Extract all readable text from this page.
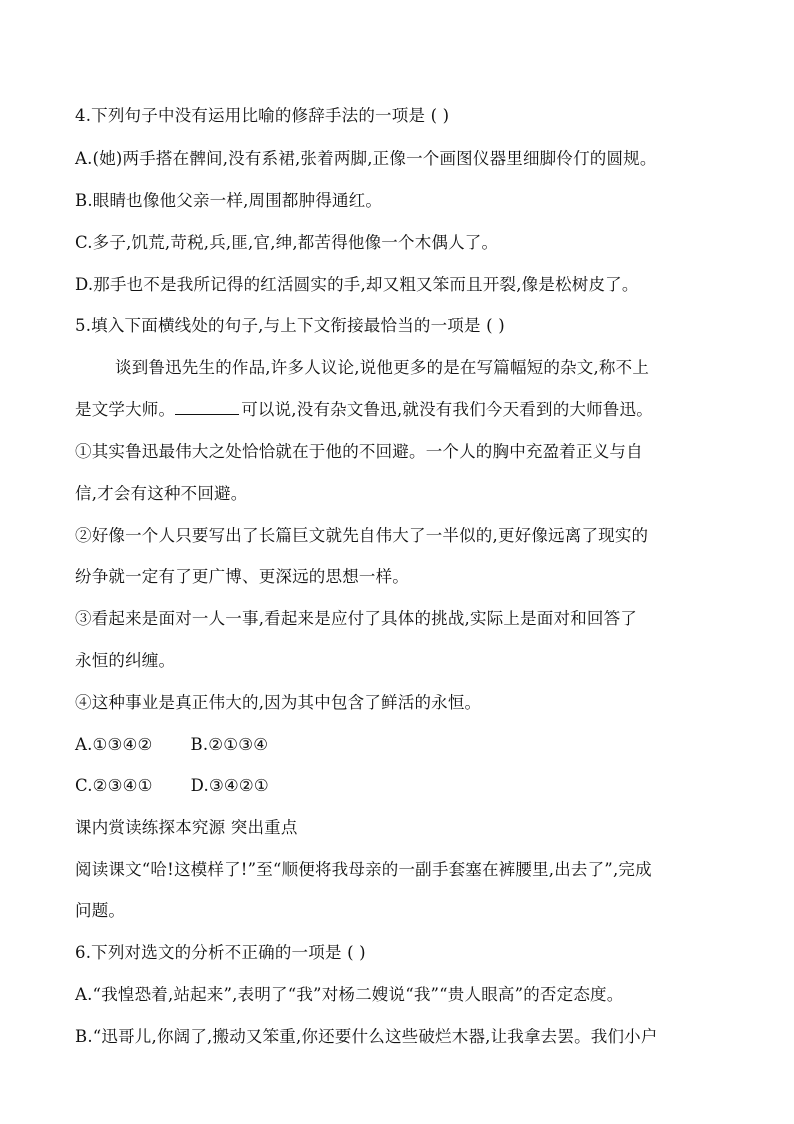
4.下列句子中没有运用比喻的修辞手法的一项是 ( )
A.(她)两手搭在髀间,没有系裙,张着两脚,正像一个画图仪器里细脚伶仃的圆规。
B.眼睛也像他父亲一样,周围都肿得通红。
C.多子,饥荒,苛税,兵,匪,官,绅,都苦得他像一个木偶人了。
D.那手也不是我所记得的红活圆实的手,却又粗又笨而且开裂,像是松树皮了。
5.填入下面横线处的句子,与上下文衔接最恰当的一项是 ( )
谈到鲁迅先生的作品,许多人议论,说他更多的是在写篇幅短的杂文,称不上
是文学大师。	可以说,没有杂文鲁迅,就没有我们今天看到的大师鲁迅。
①其实鲁迅最伟大之处恰恰就在于他的不回避。一个人的胸中充盈着正义与自
信,才会有这种不回避。
②好像一个人只要写出了长篇巨文就先自伟大了一半似的,更好像远离了现实的
纷争就一定有了更广博、更深远的思想一样。
③看起来是面对一人一事,看起来是应付了具体的挑战,实际上是面对和回答了
永恒的纠缠。
④这种事业是真正伟大的,因为其中包含了鲜活的永恒。
A.①③④② B.②①③④
C.②③④① D.③④②①
课内赏读练探本究源 突出重点
阅读课文“哈!这模样了!”至“顺便将我母亲的一副手套塞在裤腰里,出去了”,完成
问题。
6.下列对选文的分析不正确的一项是 ( )
A.“我惶恐着,站起来”,表明了“我”对杨二嫂说“我”“贵人眼高”的否定态度。
B.“迅哥儿,你阔了,搬动又笨重,你还要什么这些破烂木器,让我拿去罢。我们小户
